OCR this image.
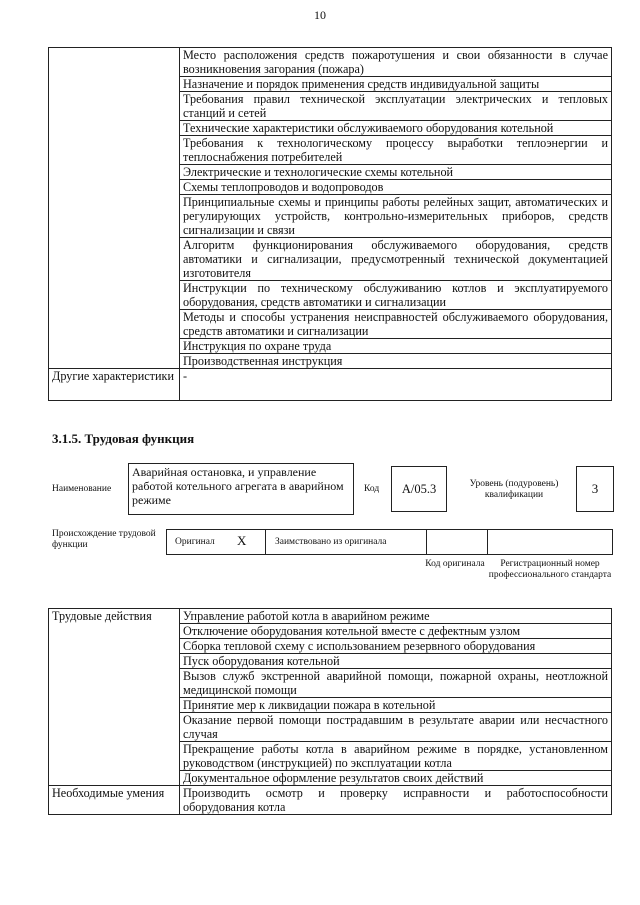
10
	Место расположения средств пожаротушения и свои обязанности в случае возникновения загорания (пожара)
	Назначение и порядок применения средств индивидуальной защиты
	Требования правил технической эксплуатации электрических и тепловых станций и сетей
	Технические характеристики обслуживаемого оборудования котельной
	Требования к технологическому процессу выработки теплоэнергии и теплоснабжения потребителей
	Электрические и технологические схемы котельной
	Схемы теплопроводов и водопроводов
	Принципиальные схемы и принципы работы релейных защит, автоматических и регулирующих устройств, контрольно-измерительных приборов, средств сигнализации и связи
	Алгоритм функционирования обслуживаемого оборудования, средств автоматики и сигнализации, предусмотренный технической документацией изготовителя
	Инструкции по техническому обслуживанию котлов и эксплуатируемого оборудования, средств автоматики и сигнализации
	Методы и способы устранения неисправностей обслуживаемого оборудования, средств автоматики и сигнализации
	Инструкция по охране труда
	Производственная инструкция
Другие характеристики	-
3.1.5. Трудовая функция
Наименование
Аварийная остановка, и управление работой котельного агрегата в аварийном режиме
Код	А/05.3	Уровень (подуровень) квалификации	3
Происхождение трудовой функции	Оригинал X	Заимствовано из оригинала
Код оригинала	Регистрационный номер профессионального стандарта
Трудовые действия	Управление работой котла в аварийном режиме
	Отключение оборудования котельной вместе с дефектным узлом
	Сборка тепловой схему с использованием резервного оборудования
	Пуск оборудования котельной
	Вызов служб экстренной аварийной помощи, пожарной охраны, неотложной медицинской помощи
	Принятие мер к ликвидации пожара в котельной
	Оказание первой помощи пострадавшим в результате аварии или несчастного случая
	Прекращение работы котла в аварийном режиме в порядке, установленном руководством (инструкцией) по эксплуатации котла
	Документальное оформление результатов своих действий
Необходимые умения	Производить осмотр и проверку исправности и работоспособности оборудования котла
